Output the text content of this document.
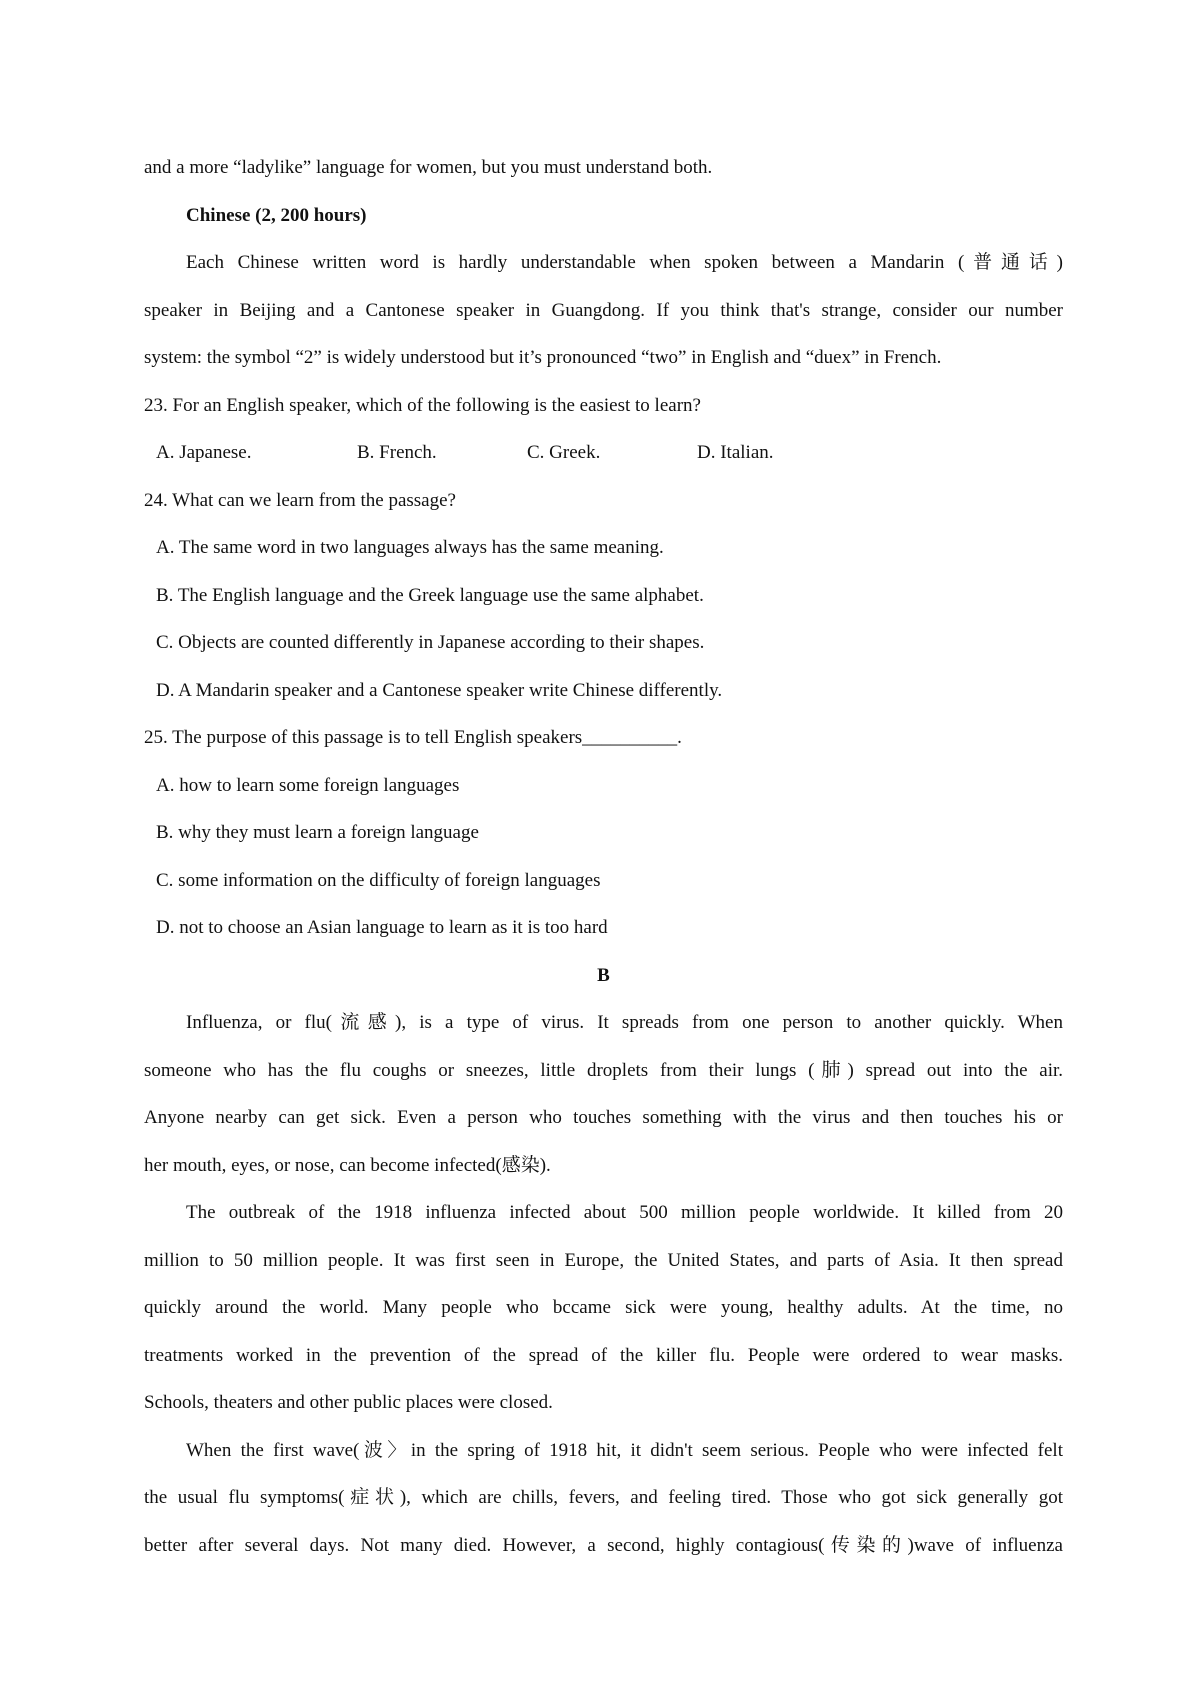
and a more “ladylike” language for women, but you must understand both.
Chinese (2, 200 hours)
Each Chinese written word is hardly understandable when spoken between a Mandarin (普通话)
speaker in Beijing and a Cantonese speaker in Guangdong. If you think that's strange, consider our number
system: the symbol “2” is widely understood but it’s pronounced “two” in English and “duex” in French.
23. For an English speaker, which of the following is the easiest to learn?
A. Japanese.	B. French.	C. Greek.	D. Italian.
24. What can we learn from the passage?
A. The same word in two languages always has the same meaning.
B. The English language and the Greek language use the same alphabet.
C. Objects are counted differently in Japanese according to their shapes.
D. A Mandarin speaker and a Cantonese speaker write Chinese differently.
25. The purpose of this passage is to tell English speakers__________.
A. how to learn some foreign languages
B. why they must learn a foreign language
C. some information on the difficulty of foreign languages
D. not to choose an Asian language to learn as it is too hard
B
Influenza, or flu(流感), is a type of virus. It spreads from one person to another quickly. When
someone who has the flu coughs or sneezes, little droplets from their lungs (肺) spread out into the air.
Anyone nearby can get sick. Even a person who touches something with the virus and then touches his or
her mouth, eyes, or nose, can become infected(感染).
The outbreak of the 1918 influenza infected about 500 million people worldwide. It killed from 20
million to 50 million people. It was first seen in Europe, the United States, and parts of Asia. It then spread
quickly around the world. Many people who bccame sick were young, healthy adults. At the time, no
treatments worked in the prevention of the spread of the killer flu. People were ordered to wear masks.
Schools, theaters and other public places were closed.
When the first wave(波〉in the spring of 1918 hit, it didn't seem serious. People who were infected felt
the usual flu symptoms(症状), which are chills, fevers, and feeling tired. Those who got sick generally got
better after several days. Not many died. However, a second, highly contagious(传染的)wave of influenza
